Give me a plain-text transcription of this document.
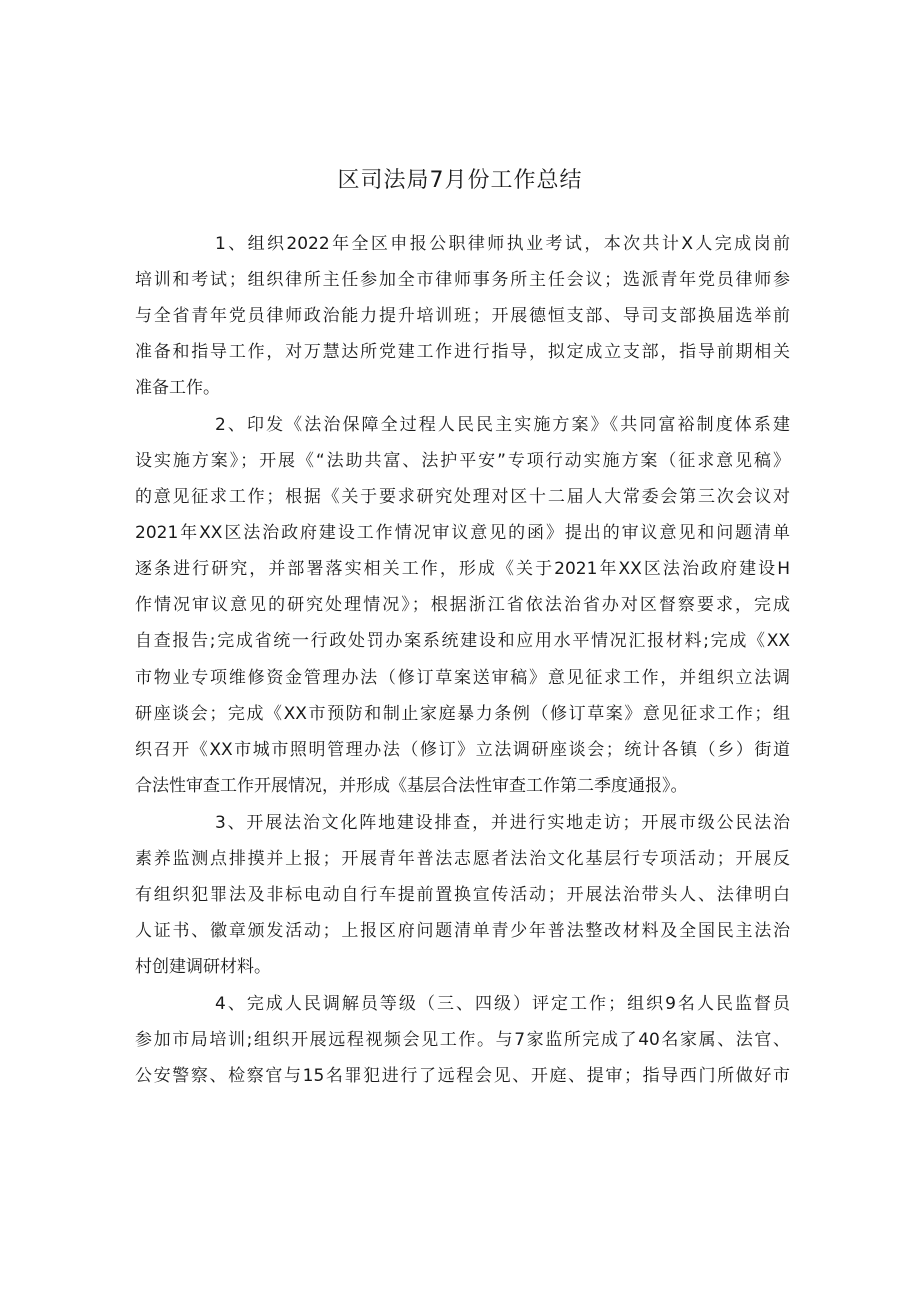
区司法局7月份工作总结
1、组织2022年全区申报公职律师执业考试，本次共计X人完成岗前
培训和考试；组织律所主任参加全市律师事务所主任会议；选派青年党员律师参
与全省青年党员律师政治能力提升培训班；开展德恒支部、导司支部换届选举前
准备和指导工作，对万慧达所党建工作进行指导，拟定成立支部，指导前期相关
准备工作。
2、印发《法治保障全过程人民民主实施方案》《共同富裕制度体系建
设实施方案》；开展《“法助共富、法护平安”专项行动实施方案（征求意见稿》
的意见征求工作；根据《关于要求研究处理对区十二届人大常委会第三次会议对
2021年XX区法治政府建设工作情况审议意见的函》提出的审议意见和问题清单
逐条进行研究，并部署落实相关工作，形成《关于2021年XX区法治政府建设H
作情况审议意见的研究处理情况》；根据浙江省依法治省办对区督察要求，完成
自查报告;完成省统一行政处罚办案系统建设和应用水平情况汇报材料;完成《XX
市物业专项维修资金管理办法（修订草案送审稿》意见征求工作，并组织立法调
研座谈会；完成《XX市预防和制止家庭暴力条例（修订草案》意见征求工作；组
织召开《XX市城市照明管理办法（修订》立法调研座谈会；统计各镇（乡）街道
合法性审查工作开展情况，并形成《基层合法性审查工作第二季度通报》。
3、开展法治文化阵地建设排查，并进行实地走访；开展市级公民法治
素养监测点排摸并上报；开展青年普法志愿者法治文化基层行专项活动；开展反
有组织犯罪法及非标电动自行车提前置换宣传活动；开展法治带头人、法律明白
人证书、徽章颁发活动；上报区府问题清单青少年普法整改材料及全国民主法治
村创建调研材料。
4、完成人民调解员等级（三、四级）评定工作；组织9名人民监督员
参加市局培训;组织开展远程视频会见工作。与7家监所完成了40名家属、法官、
公安警察、检察官与15名罪犯进行了远程会见、开庭、提审；指导西门所做好市
